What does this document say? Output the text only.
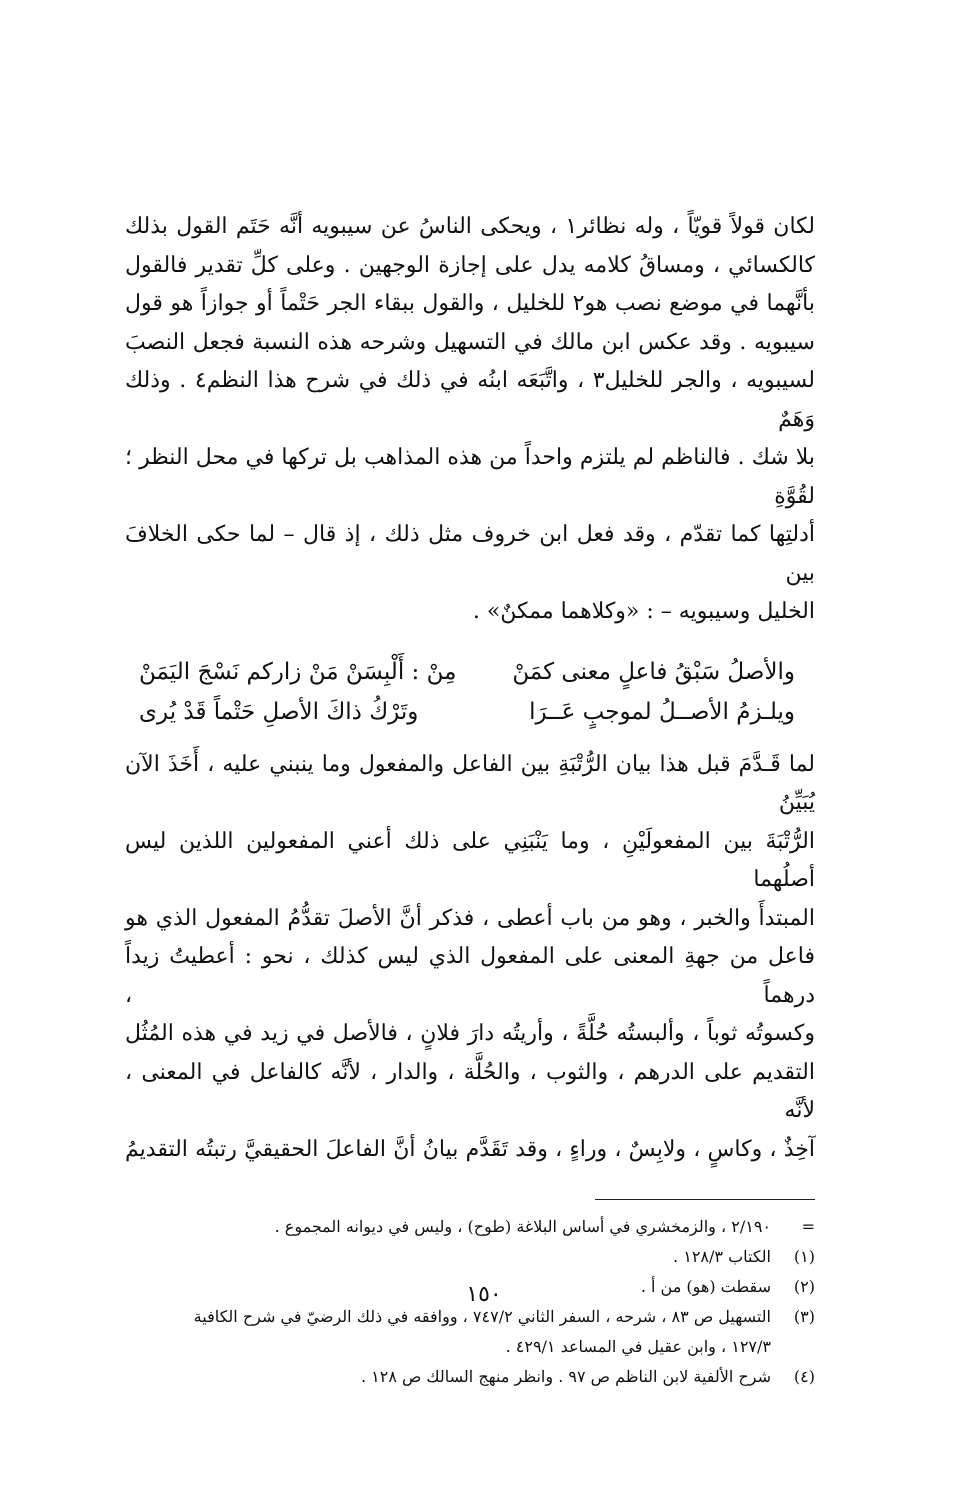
لكان قولاً قويّاً ، وله نظائر١ ، ويحكى الناسُ عن سيبويه أنَّه حَتَم القول بذلك
كالكسائي ، ومساقُ كلامه يدل على إجازة الوجهين . وعلى كلِّ تقدير فالقول
بأنَّهما في موضع نصب هو٢ للخليل ، والقول ببقاء الجر حَتْماً أو جوازاً هو قول
سيبويه . وقد عكس ابن مالك في التسهيل وشرحه هذه النسبة فجعل النصبَ
لسيبويه ، والجر للخليل٣ ، واتَّبَعَه ابنُه في ذلك في شرح هذا النظم٤ . وذلك وَهَمٌ
بلا شك . فالناظم لم يلتزم واحداً من هذه المذاهب بل تركها في محل النظر ؛ لقُوَّةِ
أدلتِها كما تقدّم ، وقد فعل ابن خروف مثل ذلك ، إذ قال – لما حكى الخلافَ بين
الخليل وسيبويه – : «وكلاهما ممكنٌ» .
والأصلُ سَبْقُ فاعلٍ معنى كمَنْ
مِنْ : أَلْبِسَنْ مَنْ زاركم نَسْجَ اليَمَنْ
ويلـزمُ الأصــلُ لموجبٍ عَــرَا
وتَرْكُ ذاكَ الأصلِ حَتْماً قَدْ يُرى
لما قَـدَّمَ قبل هذا بيان الرُّتْبَةِ بين الفاعل والمفعول وما ينبني عليه ، أَخَذَ الآن يُبَيِّنُ
الرُّتْبَةَ بين المفعولَيْنِ ، وما يَنْبَنِي على ذلك أعني المفعولين اللذين ليس أصلُهما
المبتدأَ والخبر ، وهو من باب أعطى ، فذكر أنَّ الأصلَ تقدُّمُ المفعول الذي هو
فاعل من جهةِ المعنى على المفعول الذي ليس كذلك ، نحو : أعطيتُ زيداً درهماً ،
وكسوتُه ثوباً ، وألبستُه حُلَّةً ، وأريتُه دارَ فلانٍ ، فالأصل في زيد في هذه المُثُل
التقديم على الدرهم ، والثوب ، والحُلَّة ، والدار ، لأنَّه كالفاعل في المعنى ، لأنَّه
آخِذٌ ، وكاسٍ ، ولابِسٌ ، وراءٍ ، وقد تَقَدَّم بيانُ أنَّ الفاعلَ الحقيقيَّ رتبتُه التقديمُ
=
٢/١٩٠ ، والزمخشري في أساس البلاغة (طوح) ، وليس في ديوانه المجموع .
(١)
الكتاب ١٢٨/٣ .
(٢)
سقطت (هو) من أ .
(٣)
التسهيل ص ٨٣ ، شرحه ، السفر الثاني ٧٤٧/٢ ، ووافقه في ذلك الرضيّ في شرح الكافية
١٢٧/٣ ، وابن عقيل في المساعد ٤٢٩/١ .
(٤)
شرح الألفية لابن الناظم ص ٩٧ . وانظر منهج السالك ص ١٢٨ .
١٥٠
